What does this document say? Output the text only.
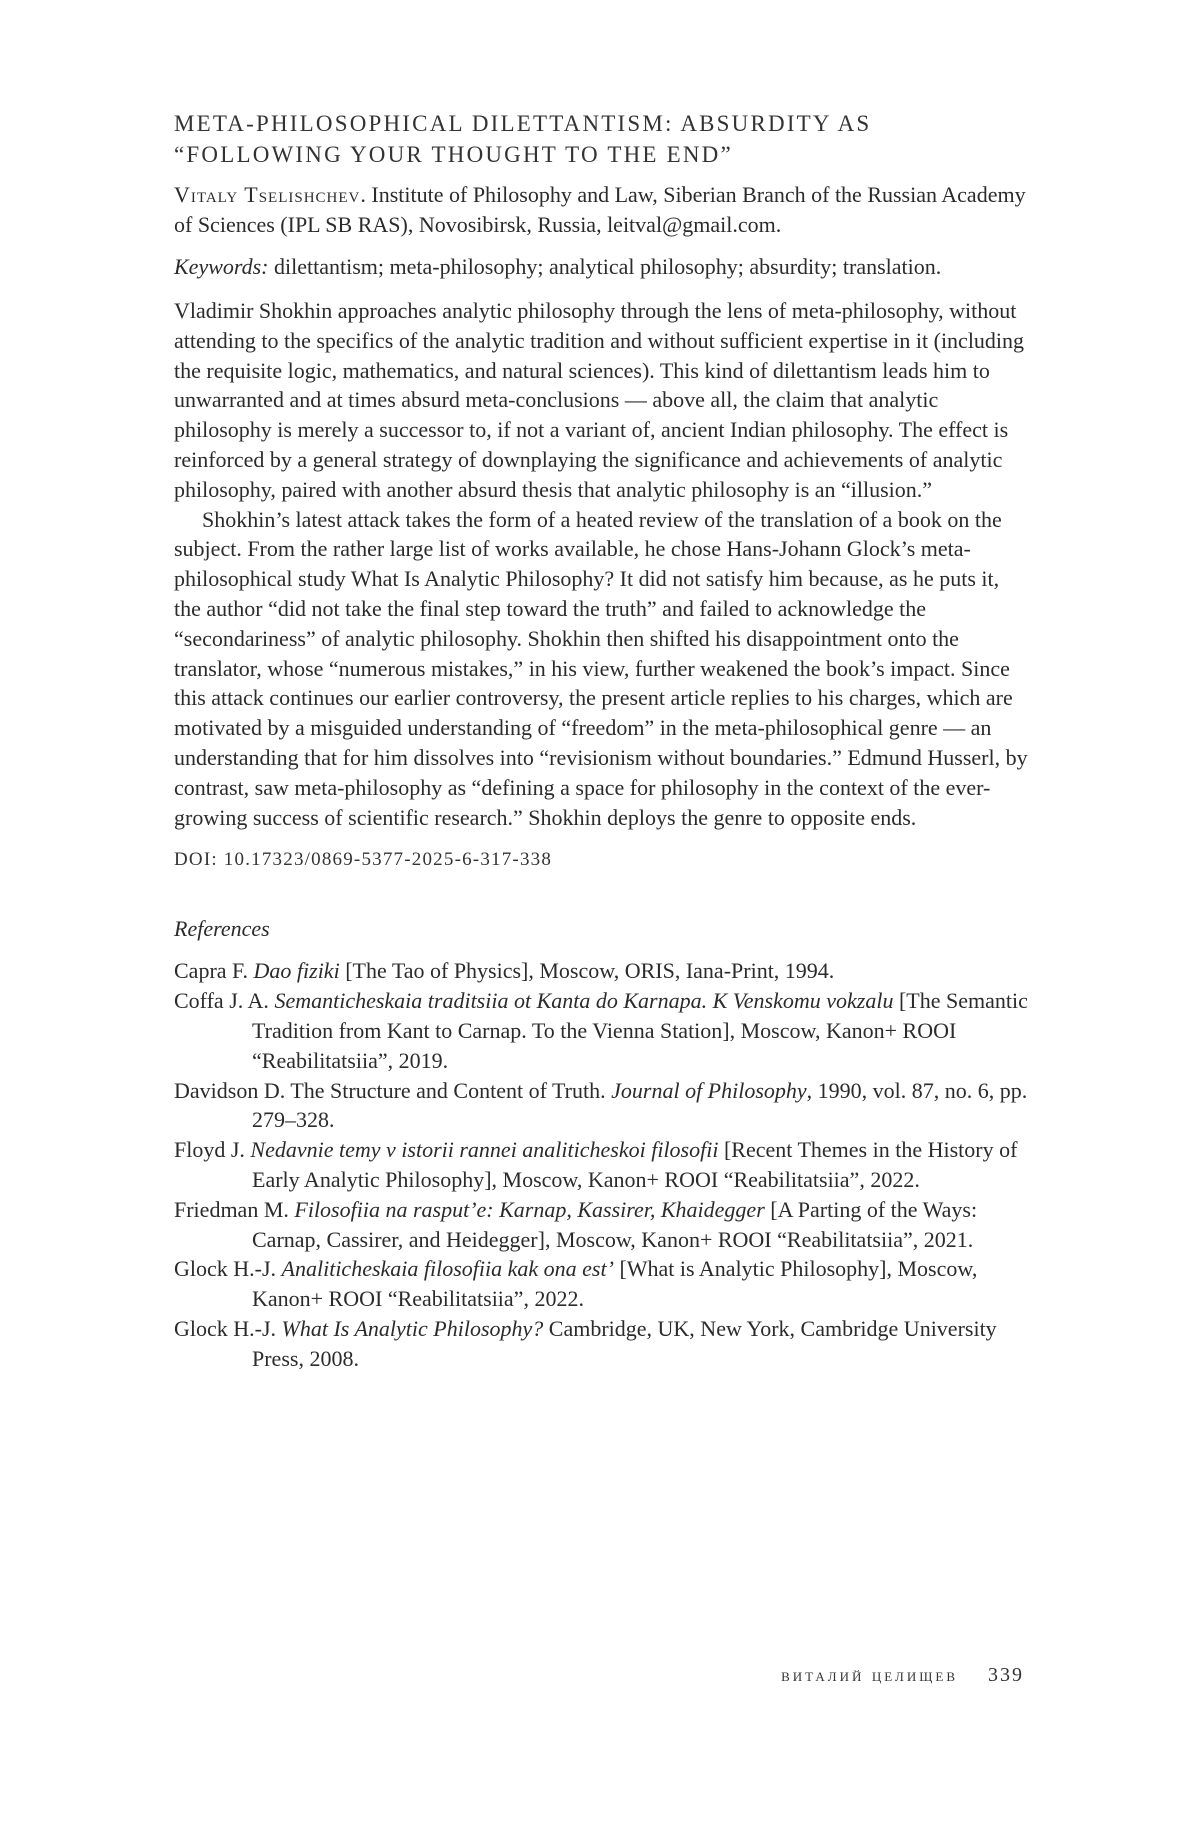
META-PHILOSOPHICAL DILETTANTISM: ABSURDITY AS “FOLLOWING YOUR THOUGHT TO THE END”

Vitaly Tselishchev. Institute of Philosophy and Law, Siberian Branch of the Russian Academy of Sciences (IPL SB RAS), Novosibirsk, Russia, leitval@gmail.com.

Keywords: dilettantism; meta-philosophy; analytical philosophy; absurdity; translation.

Vladimir Shokhin approaches analytic philosophy through the lens of meta-philosophy, without attending to the specifics of the analytic tradition and without sufficient expertise in it (including the requisite logic, mathematics, and natural sciences). This kind of dilettantism leads him to unwarranted and at times absurd meta-conclusions — above all, the claim that analytic philosophy is merely a successor to, if not a variant of, ancient Indian philosophy. The effect is reinforced by a general strategy of downplaying the significance and achievements of analytic philosophy, paired with another absurd thesis that analytic philosophy is an “illusion.”

Shokhin’s latest attack takes the form of a heated review of the translation of a book on the subject. From the rather large list of works available, he chose Hans-Johann Glock’s meta-philosophical study What Is Analytic Philosophy? It did not satisfy him because, as he puts it, the author “did not take the final step toward the truth” and failed to acknowledge the “secondariness” of analytic philosophy. Shokhin then shifted his disappointment onto the translator, whose “numerous mistakes,” in his view, further weakened the book’s impact. Since this attack continues our earlier controversy, the present article replies to his charges, which are motivated by a misguided understanding of “freedom” in the meta-philosophical genre — an understanding that for him dissolves into “revisionism without boundaries.” Edmund Husserl, by contrast, saw meta-philosophy as “defining a space for philosophy in the context of the ever-growing success of scientific research.” Shokhin deploys the genre to opposite ends.

DOI: 10.17323/0869-5377-2025-6-317-338

References
Capra F. Dao fiziki [The Tao of Physics], Moscow, ORIS, Iana-Print, 1994.
Coffa J. A. Semanticheskaia traditsiia ot Kanta do Karnapa. K Venskomu vokzalu [The Semantic Tradition from Kant to Carnap. To the Vienna Station], Moscow, Kanon+ ROOI “Reabilitatsiia”, 2019.
Davidson D. The Structure and Content of Truth. Journal of Philosophy, 1990, vol. 87, no. 6, pp. 279–328.
Floyd J. Nedavnie temy v istorii rannei analiticheskoi filosofii [Recent Themes in the History of Early Analytic Philosophy], Moscow, Kanon+ ROOI “Reabilitatsiia”, 2022.
Friedman M. Filosofiia na rasput’e: Karnap, Kassirer, Khaidegger [A Parting of the Ways: Carnap, Cassirer, and Heidegger], Moscow, Kanon+ ROOI “Reabilitatsiia”, 2021.
Glock H.-J. Analiticheskaia filosofiia kak ona est’ [What is Analytic Philosophy], Moscow, Kanon+ ROOI “Reabilitatsiia”, 2022.
Glock H.-J. What Is Analytic Philosophy? Cambridge, UK, New York, Cambridge University Press, 2008.
виталий целищев 339
